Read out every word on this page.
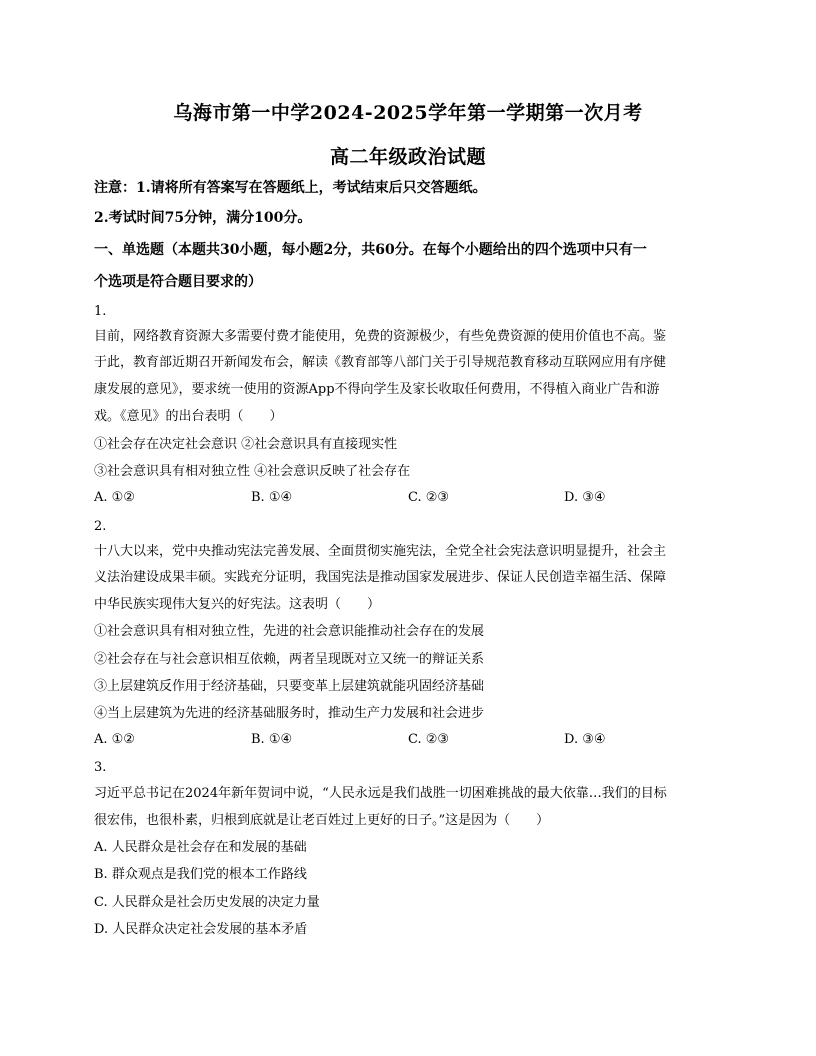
乌海市第一中学2024-2025学年第一学期第一次月考
高二年级政治试题
注意：1.请将所有答案写在答题纸上，考试结束后只交答题纸。
2.考试时间75分钟，满分100分。
一、单选题（本题共30小题，每小题2分，共60分。在每个小题给出的四个选项中只有一
个选项是符合题目要求的）
1.
目前，网络教育资源大多需要付费才能使用，免费的资源极少，有些免费资源的使用价值也不高。鉴
于此，教育部近期召开新闻发布会，解读《教育部等八部门关于引导规范教育移动互联网应用有序健
康发展的意见》，要求统一使用的资源App不得向学生及家长收取任何费用，不得植入商业广告和游
戏。《意见》的出台表明（　　）
①社会存在决定社会意识 ②社会意识具有直接现实性
③社会意识具有相对独立性 ④社会意识反映了社会存在
A. ①②	B. ①④	C. ②③	D. ③④
2.
十八大以来，党中央推动宪法完善发展、全面贯彻实施宪法，全党全社会宪法意识明显提升，社会主
义法治建设成果丰硕。实践充分证明，我国宪法是推动国家发展进步、保证人民创造幸福生活、保障
中华民族实现伟大复兴的好宪法。这表明（　　）
①社会意识具有相对独立性，先进的社会意识能推动社会存在的发展
②社会存在与社会意识相互依赖，两者呈现既对立又统一的辩证关系
③上层建筑反作用于经济基础，只要变革上层建筑就能巩固经济基础
④当上层建筑为先进的经济基础服务时，推动生产力发展和社会进步
A. ①②	B. ①④	C. ②③	D. ③④
3.
习近平总书记在2024年新年贺词中说，“人民永远是我们战胜一切困难挑战的最大依靠…我们的目标
很宏伟，也很朴素，归根到底就是让老百姓过上更好的日子。”这是因为（　　）
A. 人民群众是社会存在和发展的基础
B. 群众观点是我们党的根本工作路线
C. 人民群众是社会历史发展的决定力量
D. 人民群众决定社会发展的基本矛盾
